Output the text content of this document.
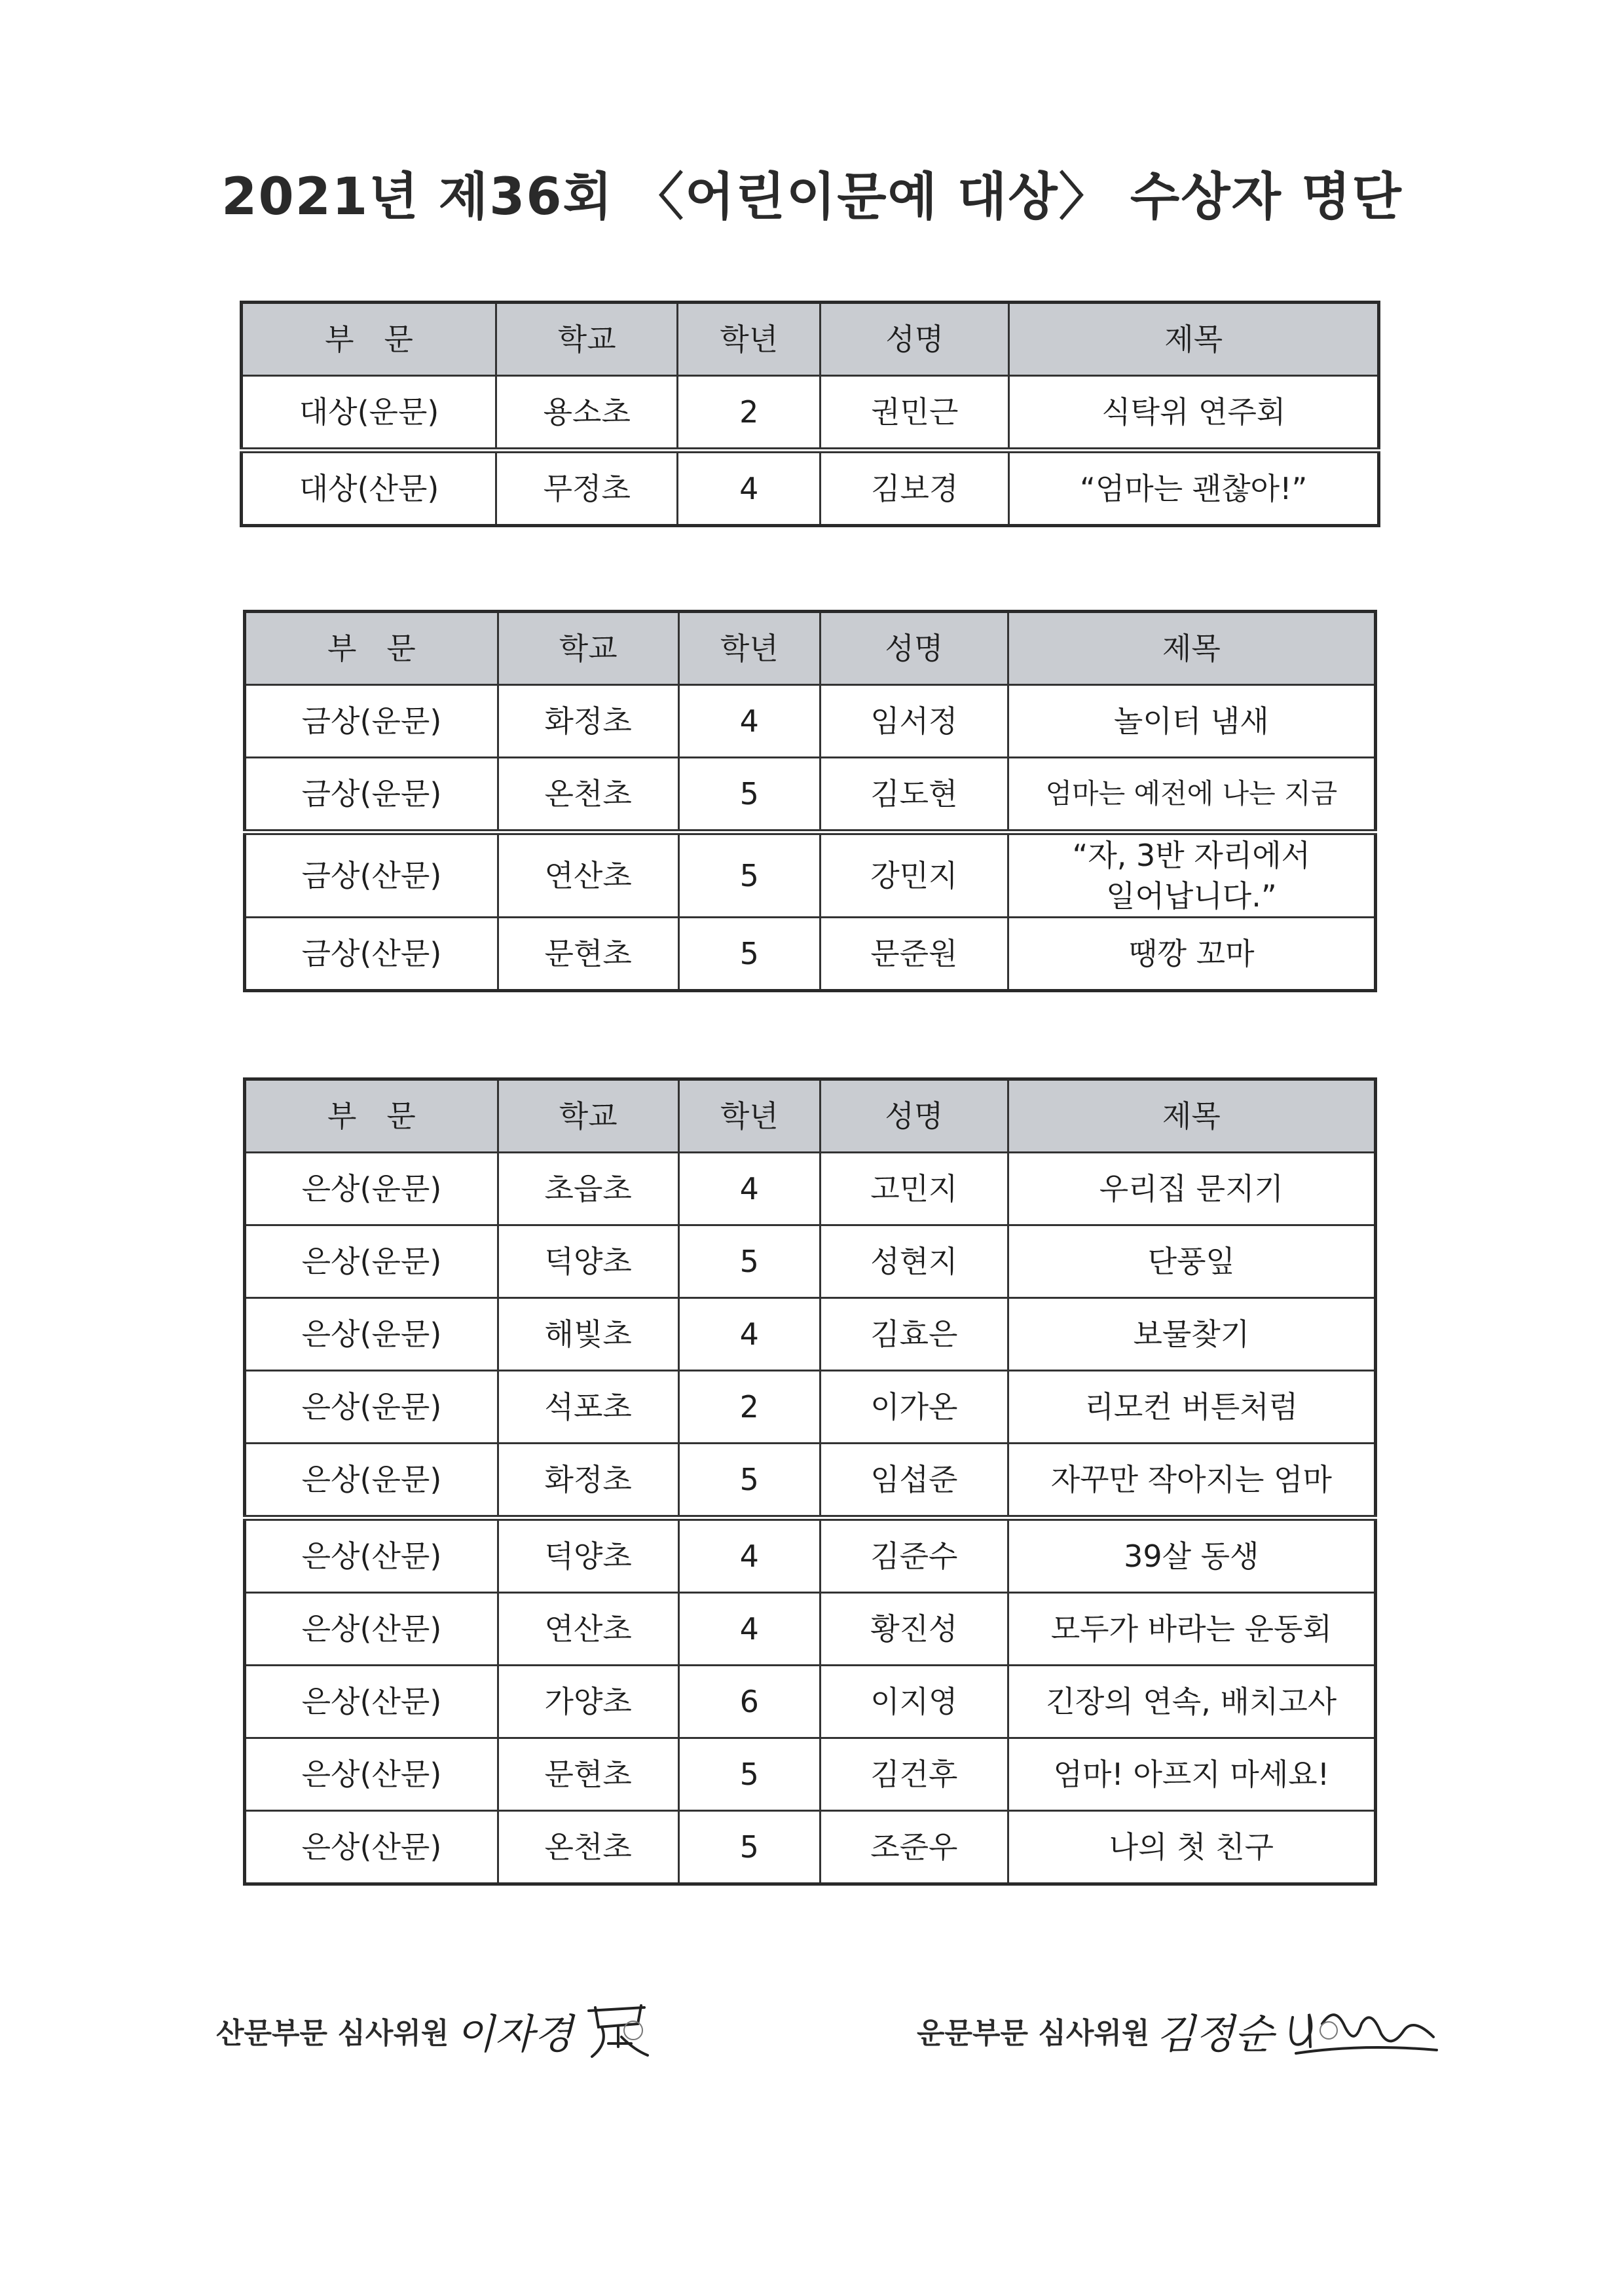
2021년 제36회 〈어린이문예 대상〉 수상자 명단
부　문	학교	학년	성명	제목
대상(운문)	용소초	2	권민근	식탁위 연주회
대상(산문)	무정초	4	김보경	“엄마는 괜찮아!”
부　문	학교	학년	성명	제목
금상(운문)	화정초	4	임서정	놀이터 냄새
금상(운문)	온천초	5	김도현	엄마는 예전에 나는 지금
금상(산문)	연산초	5	강민지	“자, 3반 자리에서 일어납니다.”
금상(산문)	문현초	5	문준원	땡깡 꼬마
부　문	학교	학년	성명	제목
은상(운문)	초읍초	4	고민지	우리집 문지기
은상(운문)	덕양초	5	성현지	단풍잎
은상(운문)	해빛초	4	김효은	보물찾기
은상(운문)	석포초	2	이가온	리모컨 버튼처럼
은상(운문)	화정초	5	임섭준	자꾸만 작아지는 엄마
은상(산문)	덕양초	4	김준수	39살 동생
은상(산문)	연산초	4	황진성	모두가 바라는 운동회
은상(산문)	가양초	6	이지영	긴장의 연속, 배치고사
은상(산문)	문현초	5	김건후	엄마! 아프지 마세요!
은상(산문)	온천초	5	조준우	나의 첫 친구
산문부문 심사위원 이자경	운문부문 심사위원 김정순
